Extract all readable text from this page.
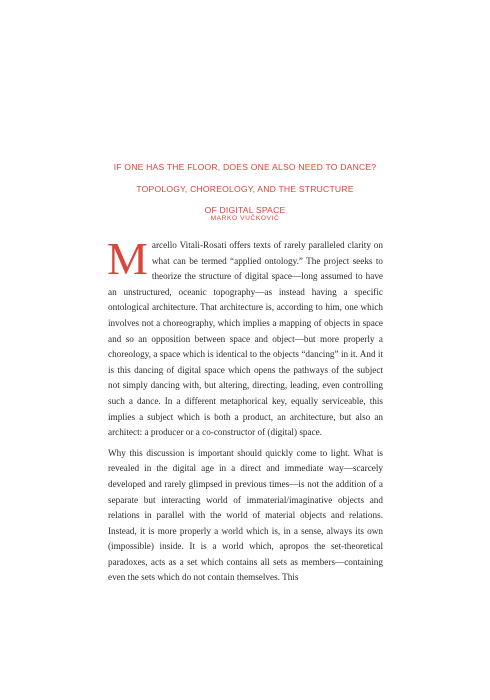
IF ONE HAS THE FLOOR, DOES ONE ALSO NEED TO DANCE?
TOPOLOGY, CHOREOLOGY, AND THE STRUCTURE
OF DIGITAL SPACE
MARKO VUČKOVIĆ

Marcello Vitali-Rosati offers texts of rarely paralleled clarity on what can be termed “applied ontology.” The project seeks to theorize the structure of digital space—long assumed to have an unstructured, oceanic topography—as instead having a specific ontological architecture. That architecture is, according to him, one which involves not a choreography, which implies a mapping of objects in space and so an opposition between space and object—but more properly a choreology, a space which is identical to the objects “dancing” in it. And it is this dancing of digital space which opens the pathways of the subject not simply dancing with, but altering, directing, leading, even controlling such a dance. In a different metaphorical key, equally serviceable, this implies a subject which is both a product, an architecture, but also an architect: a producer or a co-constructor of (digital) space.

Why this discussion is important should quickly come to light. What is revealed in the digital age in a direct and immediate way—scarcely developed and rarely glimpsed in previous times—is not the addition of a separate but interacting world of immaterial/imaginative objects and relations in parallel with the world of material objects and relations. Instead, it is more properly a world which is, in a sense, always its own (impossible) inside. It is a world which, apropos the set-theoretical paradoxes, acts as a set which contains all sets as members—containing even the sets which do not contain themselves. This
